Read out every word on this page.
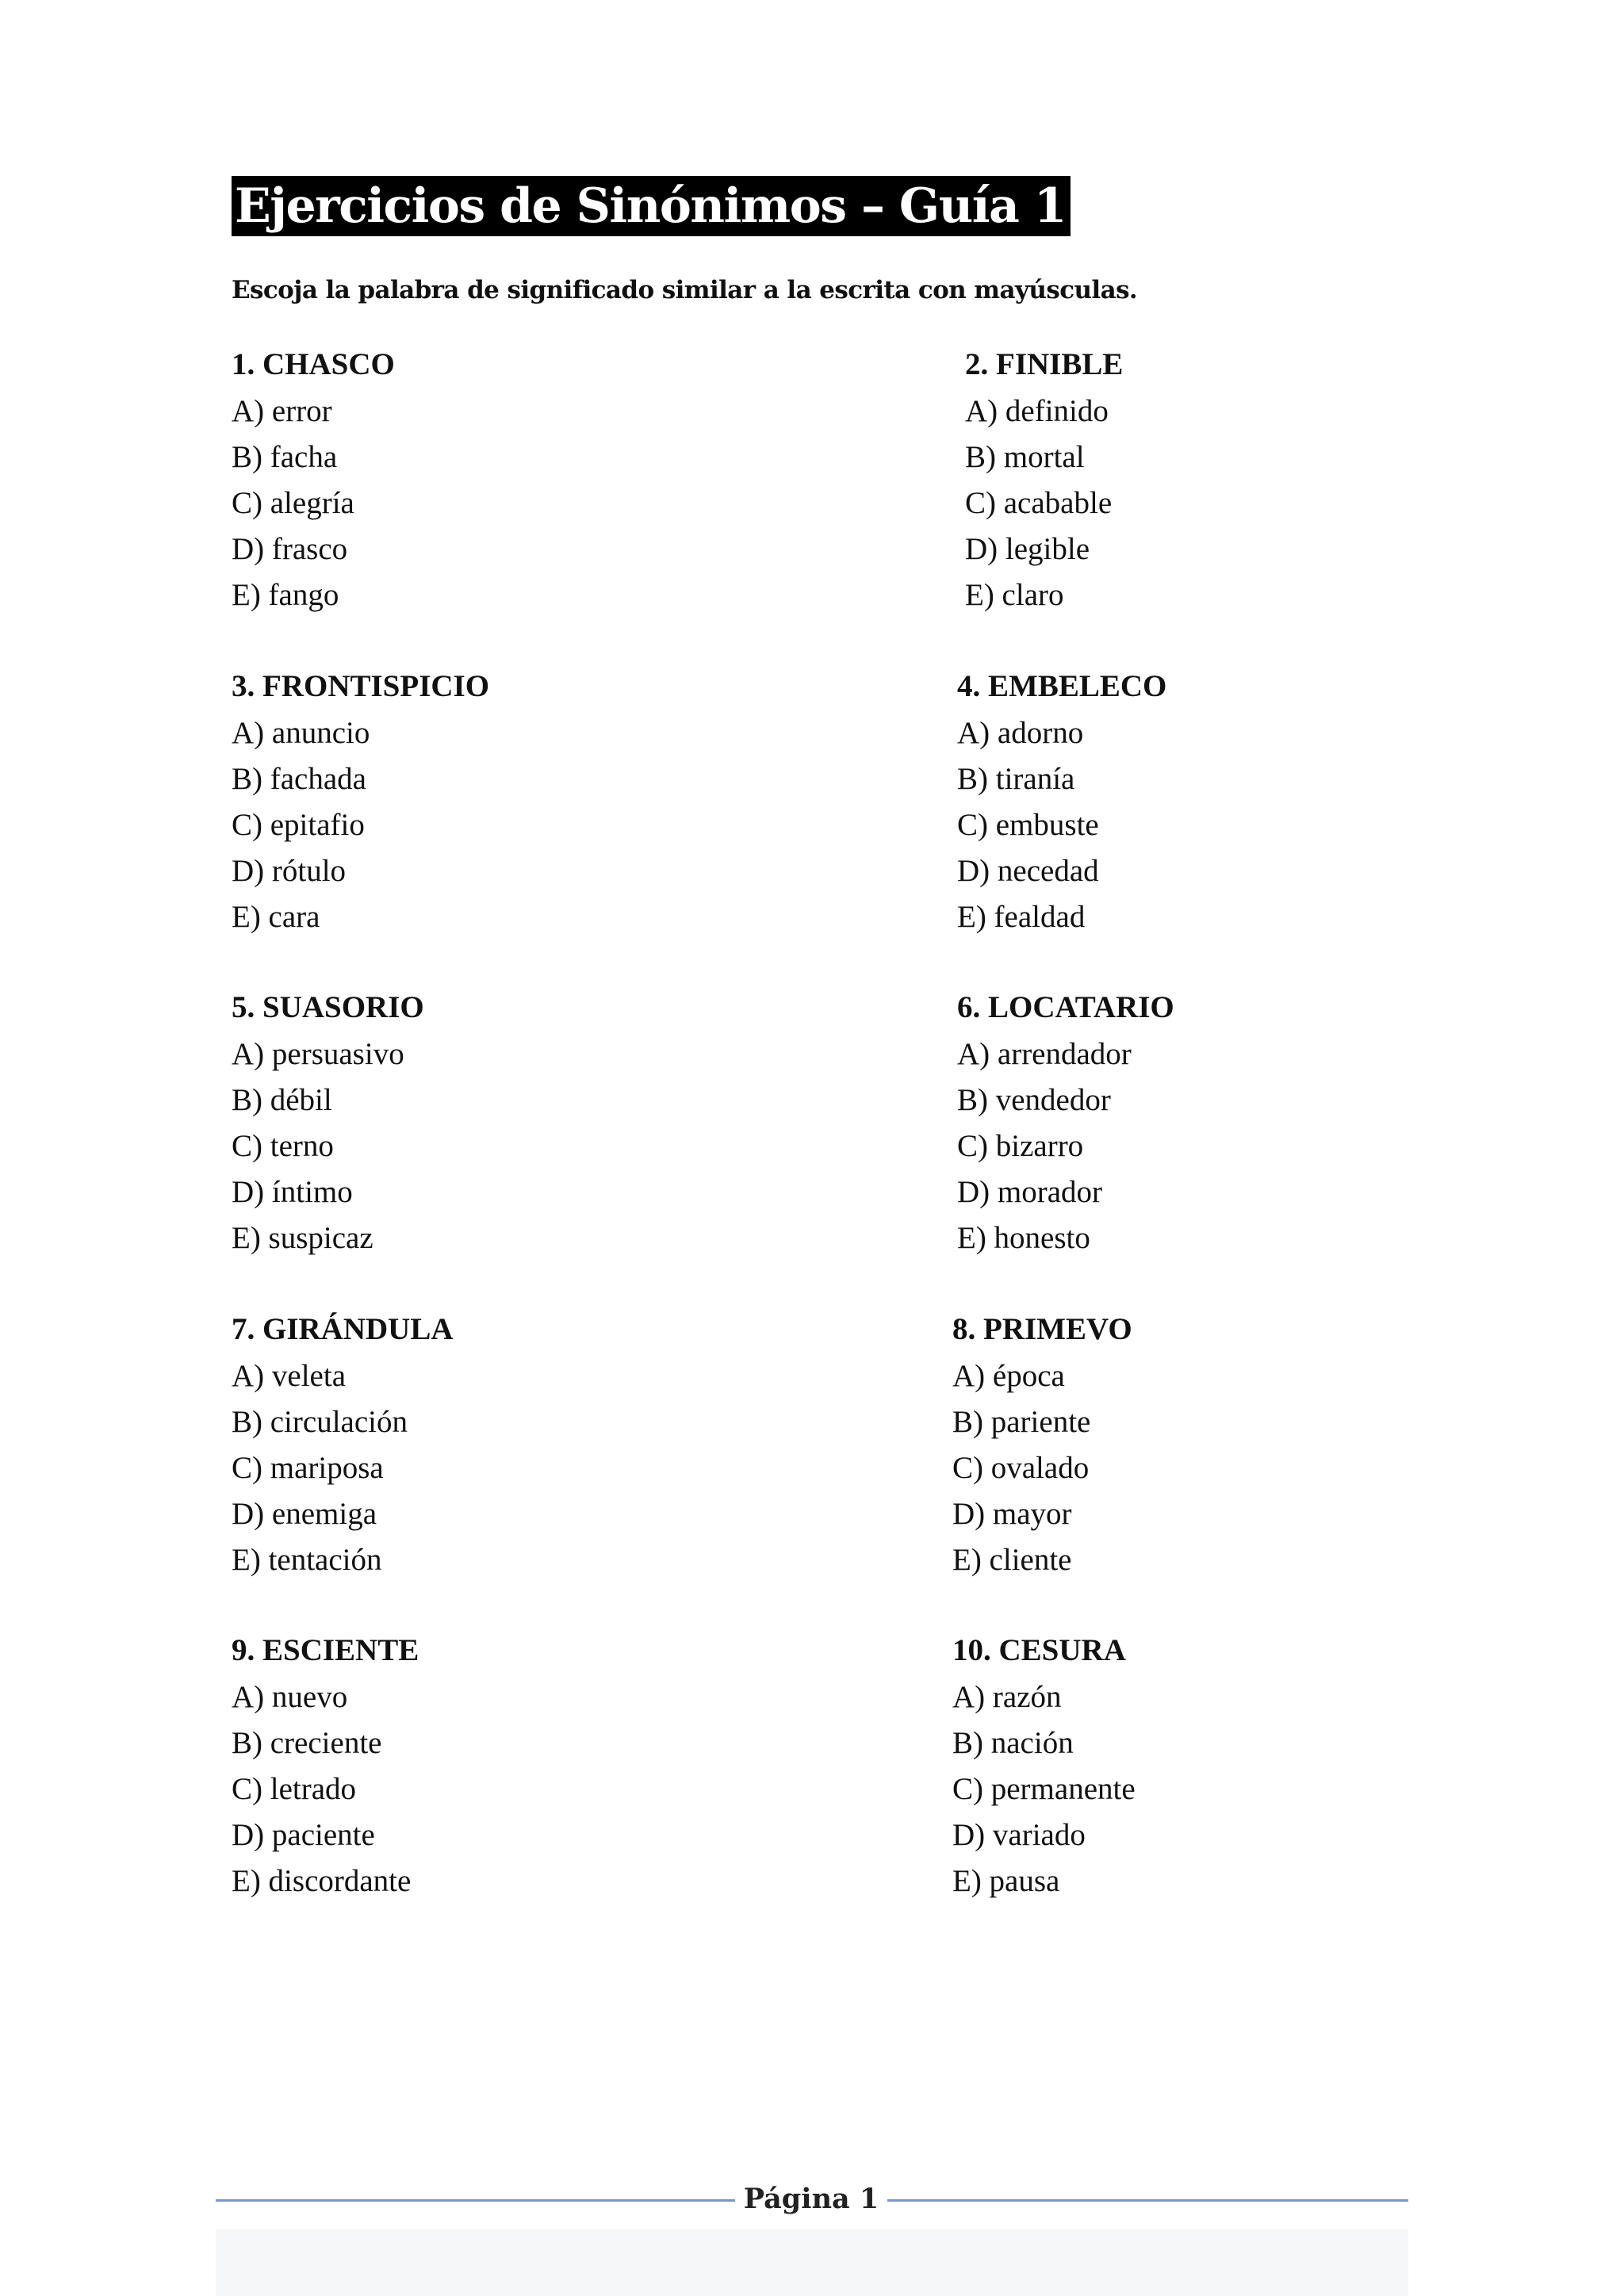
Ejercicios de Sinónimos – Guía 1

Escoja la palabra de significado similar a la escrita con mayúsculas.

1. CHASCO
A) error
B) facha
C) alegría
D) frasco
E) fango
3. FRONTISPICIO
A) anuncio
B) fachada
C) epitafio
D) rótulo
E) cara
5. SUASORIO
A) persuasivo
B) débil
C) terno
D) íntimo
E) suspicaz
7. GIRÁNDULA
A) veleta
B) circulación
C) mariposa
D) enemiga
E) tentación
9. ESCIENTE
A) nuevo
B) creciente
C) letrado
D) paciente
E) discordante
2. FINIBLE
A) definido
B) mortal
C) acabable
D) legible
E) claro
4. EMBELECO
A) adorno
B) tiranía
C) embuste
D) necedad
E) fealdad
6. LOCATARIO
A) arrendador
B) vendedor
C) bizarro
D) morador
E) honesto
8. PRIMEVO
A) época
B) pariente
C) ovalado
D) mayor
E) cliente
10. CESURA
A) razón
B) nación
C) permanente
D) variado
E) pausa
Página 1
